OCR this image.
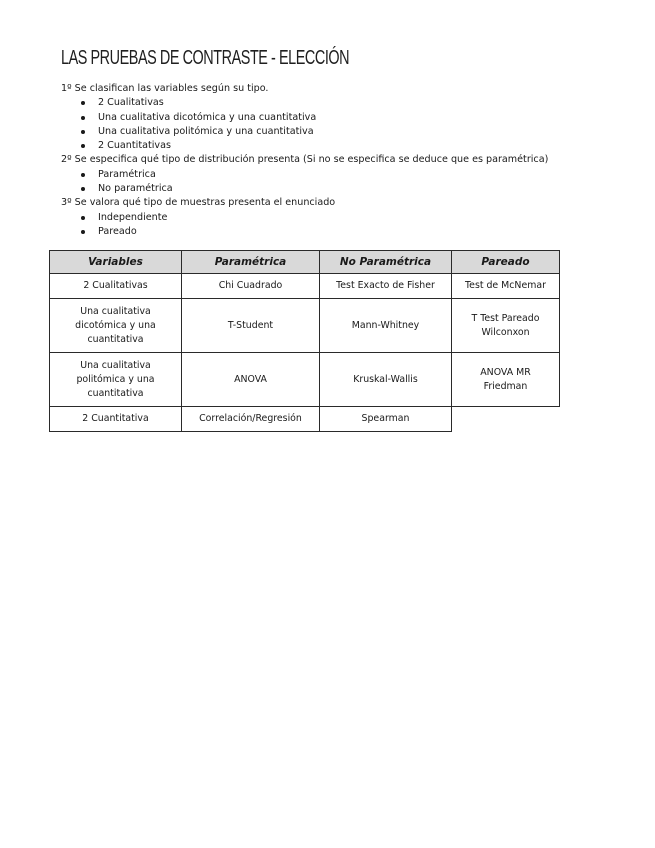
LAS PRUEBAS DE CONTRASTE - ELECCIÓN
1º Se clasifican las variables según su tipo.
2 Cualitativas
Una cualitativa dicotómica y una cuantitativa
Una cualitativa politómica y una cuantitativa
2 Cuantitativas
2º Se especifica qué tipo de distribución presenta (Si no se especifica se deduce que es paramétrica)
Paramétrica
No paramétrica
3º Se valora qué tipo de muestras presenta el enunciado
Independiente
Pareado
Variables	Paramétrica	No Paramétrica	Pareado
2 Cualitativas	Chi Cuadrado	Test Exacto de Fisher	Test de McNemar
Una cualitativa dicotómica y una cuantitativa	T-Student	Mann-Whitney	T Test Pareado Wilconxon
Una cualitativa politómica y una cuantitativa	ANOVA	Kruskal-Wallis	ANOVA MR Friedman
2 Cuantitativa	Correlación/Regresión	Spearman	
